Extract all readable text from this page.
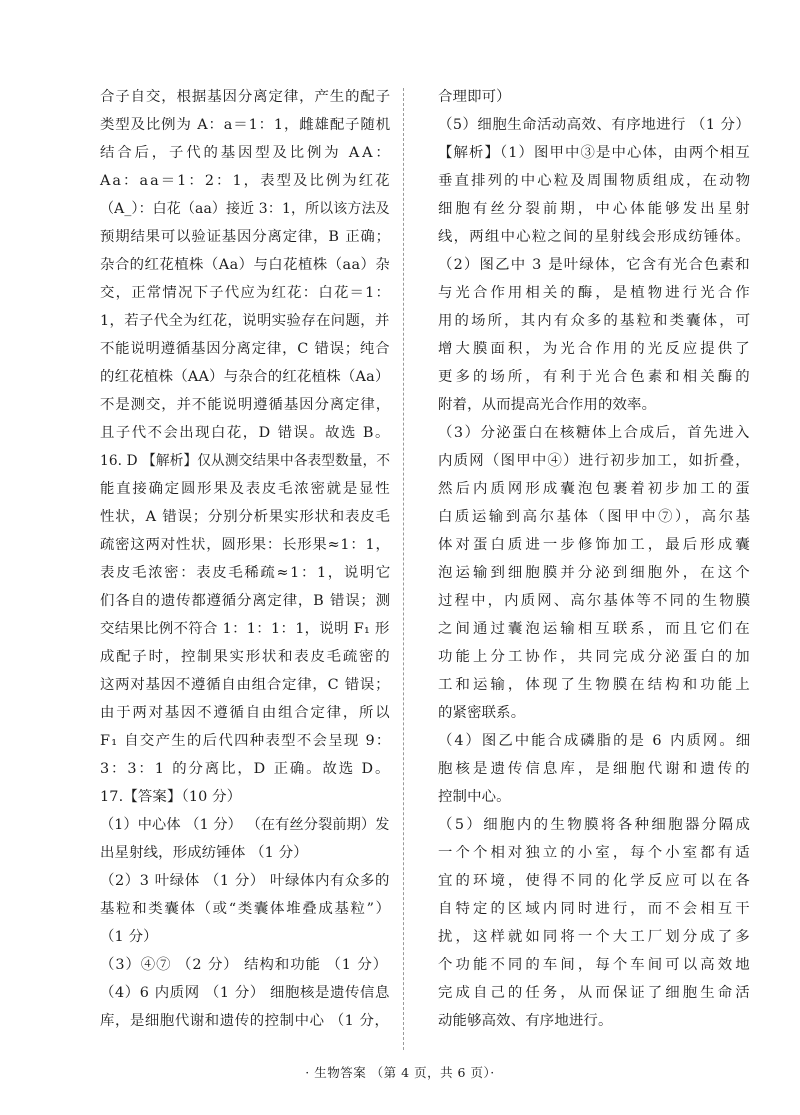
合子自交，根据基因分离定律，产生的配子
类型及比例为 A：a＝1：1，雌雄配子随机
结合后，子代的基因型及比例为 AA：
Aa：aa＝1：2：1，表型及比例为红花
（A_）：白花（aa）接近 3：1，所以该方法及
预期结果可以验证基因分离定律，B 正确；
杂合的红花植株（Aa）与白花植株（aa）杂
交，正常情况下子代应为红花：白花＝1：
1，若子代全为红花，说明实验存在问题，并
不能说明遵循基因分离定律，C 错误；纯合
的红花植株（AA）与杂合的红花植株（Aa）
不是测交，并不能说明遵循基因分离定律，
且子代不会出现白花，D 错误。故选 B。
16. D 【解析】仅从测交结果中各表型数量，不
能直接确定圆形果及表皮毛浓密就是显性
性状，A 错误；分别分析果实形状和表皮毛
疏密这两对性状，圆形果：长形果≈1：1，
表皮毛浓密：表皮毛稀疏≈1：1，说明它
们各自的遗传都遵循分离定律，B 错误；测
交结果比例不符合 1：1：1：1，说明 F₁ 形
成配子时，控制果实形状和表皮毛疏密的
这两对基因不遵循自由组合定律，C 错误；
由于两对基因不遵循自由组合定律，所以
F₁ 自交产生的后代四种表型不会呈现 9：
3：3：1 的分离比，D 正确。故选 D。
17.【答案】（10 分）
（1）中心体 （1 分） （在有丝分裂前期）发
出星射线，形成纺锤体 （1 分）
（2）3 叶绿体 （1 分） 叶绿体内有众多的
基粒和类囊体（或“类囊体堆叠成基粒”）
（1 分）
（3）④⑦ （2 分） 结构和功能 （1 分）
（4）6 内质网 （1 分） 细胞核是遗传信息
库，是细胞代谢和遗传的控制中心 （1 分，
合理即可）
（5）细胞生命活动高效、有序地进行 （1 分）
【解析】（1）图甲中③是中心体，由两个相互
垂直排列的中心粒及周围物质组成，在动物
细胞有丝分裂前期，中心体能够发出星射
线，两组中心粒之间的星射线会形成纺锤体。
（2）图乙中 3 是叶绿体，它含有光合色素和
与光合作用相关的酶，是植物进行光合作
用的场所，其内有众多的基粒和类囊体，可
增大膜面积，为光合作用的光反应提供了
更多的场所，有利于光合色素和相关酶的
附着，从而提高光合作用的效率。
（3）分泌蛋白在核糖体上合成后，首先进入
内质网（图甲中④）进行初步加工，如折叠，
然后内质网形成囊泡包裹着初步加工的蛋
白质运输到高尔基体（图甲中⑦），高尔基
体对蛋白质进一步修饰加工，最后形成囊
泡运输到细胞膜并分泌到细胞外，在这个
过程中，内质网、高尔基体等不同的生物膜
之间通过囊泡运输相互联系，而且它们在
功能上分工协作，共同完成分泌蛋白的加
工和运输，体现了生物膜在结构和功能上
的紧密联系。
（4）图乙中能合成磷脂的是 6 内质网。细
胞核是遗传信息库，是细胞代谢和遗传的
控制中心。
（5）细胞内的生物膜将各种细胞器分隔成
一个个相对独立的小室，每个小室都有适
宜的环境，使得不同的化学反应可以在各
自特定的区域内同时进行，而不会相互干
扰，这样就如同将一个大工厂划分成了多
个功能不同的车间，每个车间可以高效地
完成自己的任务，从而保证了细胞生命活
动能够高效、有序地进行。
· 生物答案 （第 4 页，共 6 页）·
